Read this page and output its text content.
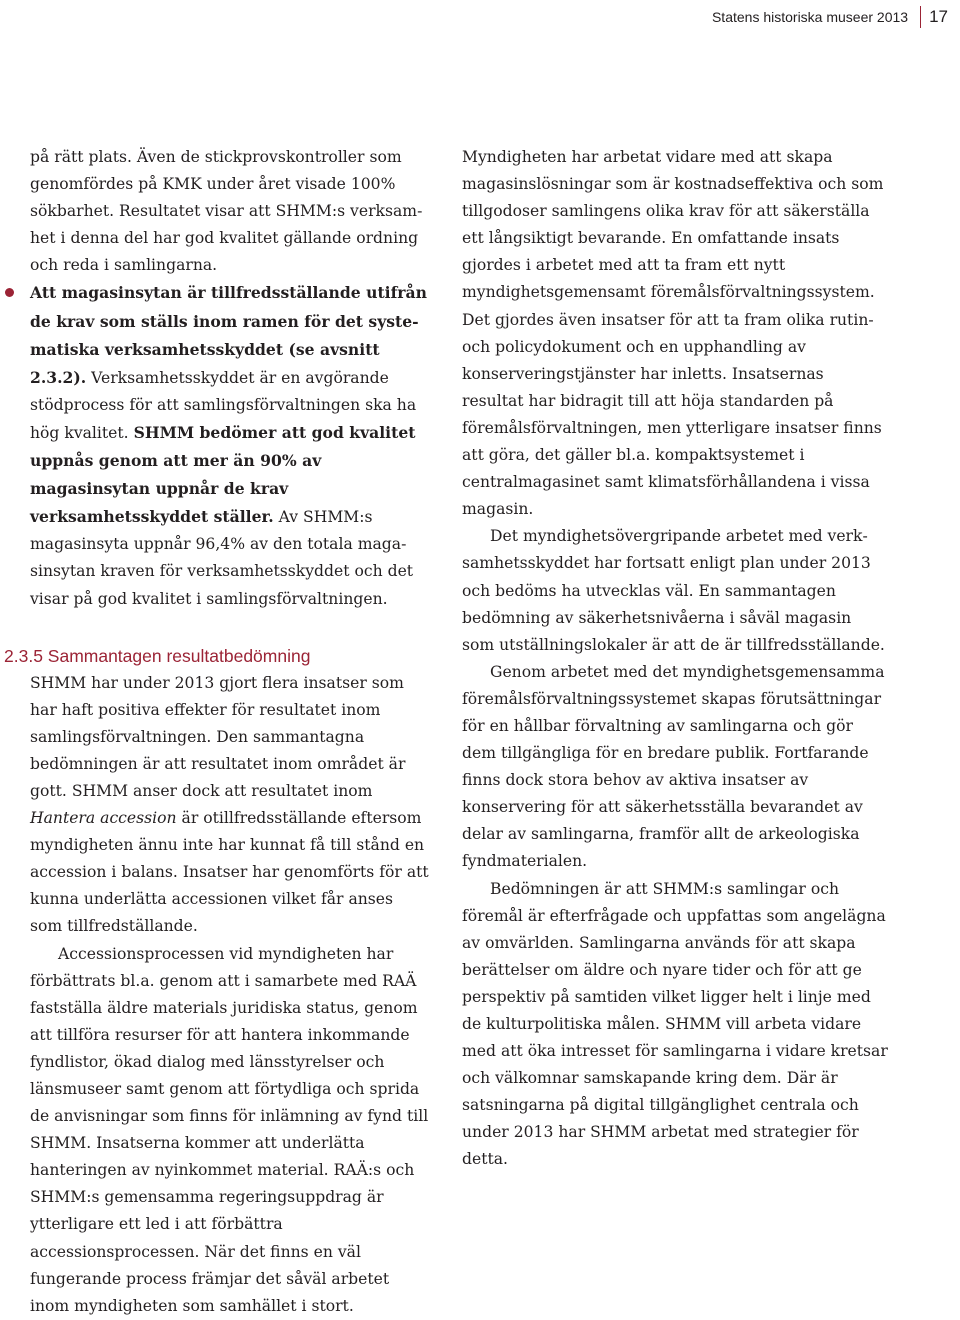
Statens historiska museer 2013	17

på rätt plats. Även de stickprovskontroller som genomfördes på KMK under året visade 100% sökbarhet. Resultatet visar att SHMM:s verksamhet i denna del har god kvalitet gällande ordning och reda i samlingarna.

Att magasinsytan är tillfredsställande utifrån de krav som ställs inom ramen för det systematiska verksamhetsskyddet (se avsnitt 2.3.2). Verksamhetsskyddet är en avgörande stödprocess för att samlingsförvaltningen ska ha hög kvalitet. SHMM bedömer att god kvalitet uppnås genom att mer än 90% av magasinsytan uppnår de krav verksamhetsskyddet ställer. Av SHMM:s magasinsyta uppnår 96,4% av den totala magasinsytan kraven för verksamhetsskyddet och det visar på god kvalitet i samlingsförvaltningen.

2.3.5 Sammantagen resultatbedömning

SHMM har under 2013 gjort flera insatser som har haft positiva effekter för resultatet inom samlingsförvaltningen. Den sammantagna bedömningen är att resultatet inom området är gott. SHMM anser dock att resultatet inom Hantera accession är otillfredsställande eftersom myndigheten ännu inte har kunnat få till stånd en accession i balans. Insatser har genomförts för att kunna underlätta accessionen vilket får anses som tillfredställande.

Accessionsprocessen vid myndigheten har förbättrats bl.a. genom att i samarbete med RAÄ fastställa äldre materials juridiska status, genom att tillföra resurser för att hantera inkommande fyndlistor, ökad dialog med länsstyrelser och länsmuseer samt genom att förtydliga och sprida de anvisningar som finns för inlämning av fynd till SHMM. Insatserna kommer att underlätta hanteringen av nyinkommet material. RAÄ:s och SHMM:s gemensamma regeringsuppdrag är ytterligare ett led i att förbättra accessionsprocessen. När det finns en väl fungerande process främjar det såväl arbetet inom myndigheten som samhället i stort.

Myndigheten har arbetat vidare med att skapa magasinslösningar som är kostnadseffektiva och som tillgodoser samlingens olika krav för att säkerställa ett långsiktigt bevarande. En omfattande insats gjordes i arbetet med att ta fram ett nytt myndighetsgemensamt föremålsförvaltningssystem. Det gjordes även insatser för att ta fram olika rutin- och policydokument och en upphandling av konserveringstjänster har inletts. Insatsernas resultat har bidragit till att höja standarden på föremålsförvaltningen, men ytterligare insatser finns att göra, det gäller bl.a. kompaktsystemet i centralmagasinet samt klimatsförhållandena i vissa magasin.

Det myndighetsövergripande arbetet med verksamhetsskyddet har fortsatt enligt plan under 2013 och bedöms ha utvecklas väl. En sammantagen bedömning av säkerhetsnivåerna i såväl magasin som utställningslokaler är att de är tillfredsställande.

Genom arbetet med det myndighetsgemensamma föremålsförvaltningssystemet skapas förutsättningar för en hållbar förvaltning av samlingarna och gör dem tillgängliga för en bredare publik. Fortfarande finns dock stora behov av aktiva insatser av konservering för att säkerhetsställa bevarandet av delar av samlingarna, framför allt de arkeologiska fyndmaterialen.

Bedömningen är att SHMM:s samlingar och föremål är efterfrågade och uppfattas som angelägna av omvärlden. Samlingarna används för att skapa berättelser om äldre och nyare tider och för att ge perspektiv på samtiden vilket ligger helt i linje med de kulturpolitiska målen. SHMM vill arbeta vidare med att öka intresset för samlingarna i vidare kretsar och välkomnar samskapande kring dem. Där är satsningarna på digital tillgänglighet centrala och under 2013 har SHMM arbetat med strategier för detta.
